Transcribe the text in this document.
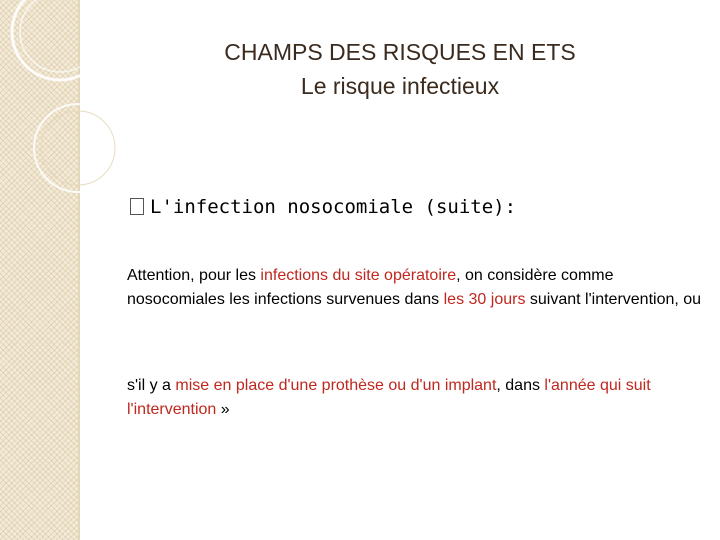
CHAMPS DES RISQUES EN ETS
Le risque infectieux
L'infection nosocomiale (suite):
Attention, pour les infections du site opératoire, on considère comme nosocomiales les infections survenues dans les 30 jours suivant l'intervention, ou
s'il y a mise en place d'une prothèse ou d'un implant, dans l'année qui suit l'intervention »
